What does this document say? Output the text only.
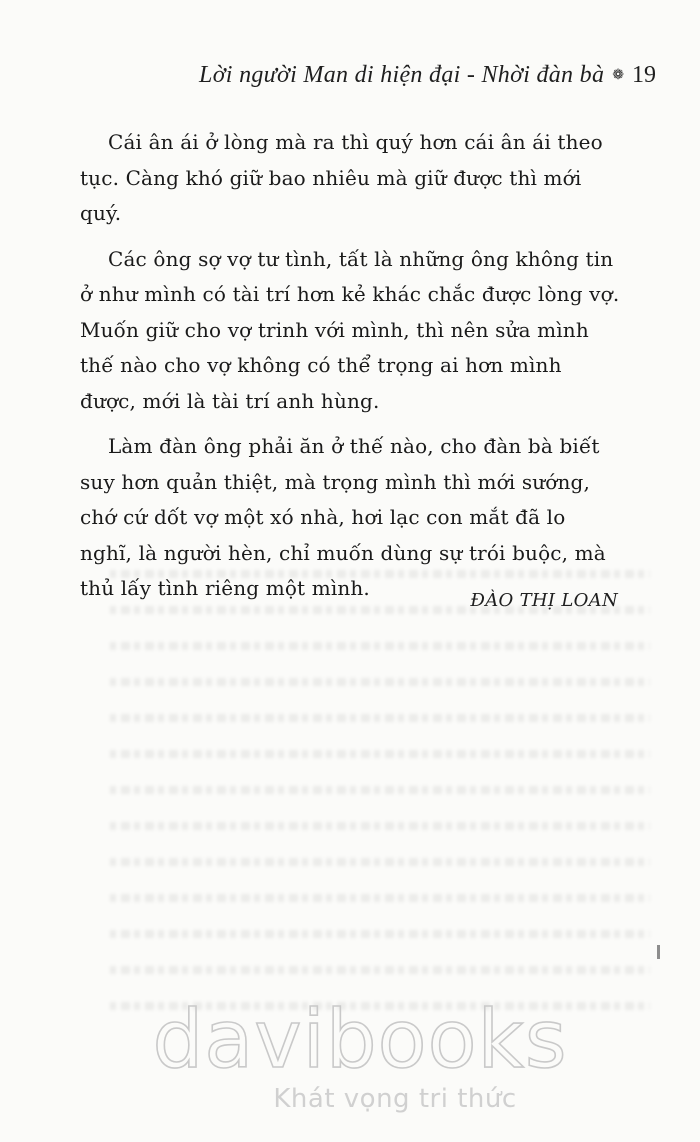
Lời người Man di hiện đại - Nhời đàn bà ❁ 19

Cái ân ái ở lòng mà ra thì quý hơn cái ân ái theo tục. Càng khó giữ bao nhiêu mà giữ được thì mới quý.

Các ông sợ vợ tư tình, tất là những ông không tin ở như mình có tài trí hơn kẻ khác chắc được lòng vợ. Muốn giữ cho vợ trinh với mình, thì nên sửa mình thế nào cho vợ không có thể trọng ai hơn mình được, mới là tài trí anh hùng.

Làm đàn ông phải ăn ở thế nào, cho đàn bà biết suy hơn quản thiệt, mà trọng mình thì mới sướng, chớ cứ dốt vợ một xó nhà, hơi lạc con mắt đã lo nghĩ, là người hèn, chỉ muốn dùng sự trói buộc, mà thủ lấy tình riêng một mình.

ĐÀO THỊ LOAN
davibooks
Khát vọng tri thức
